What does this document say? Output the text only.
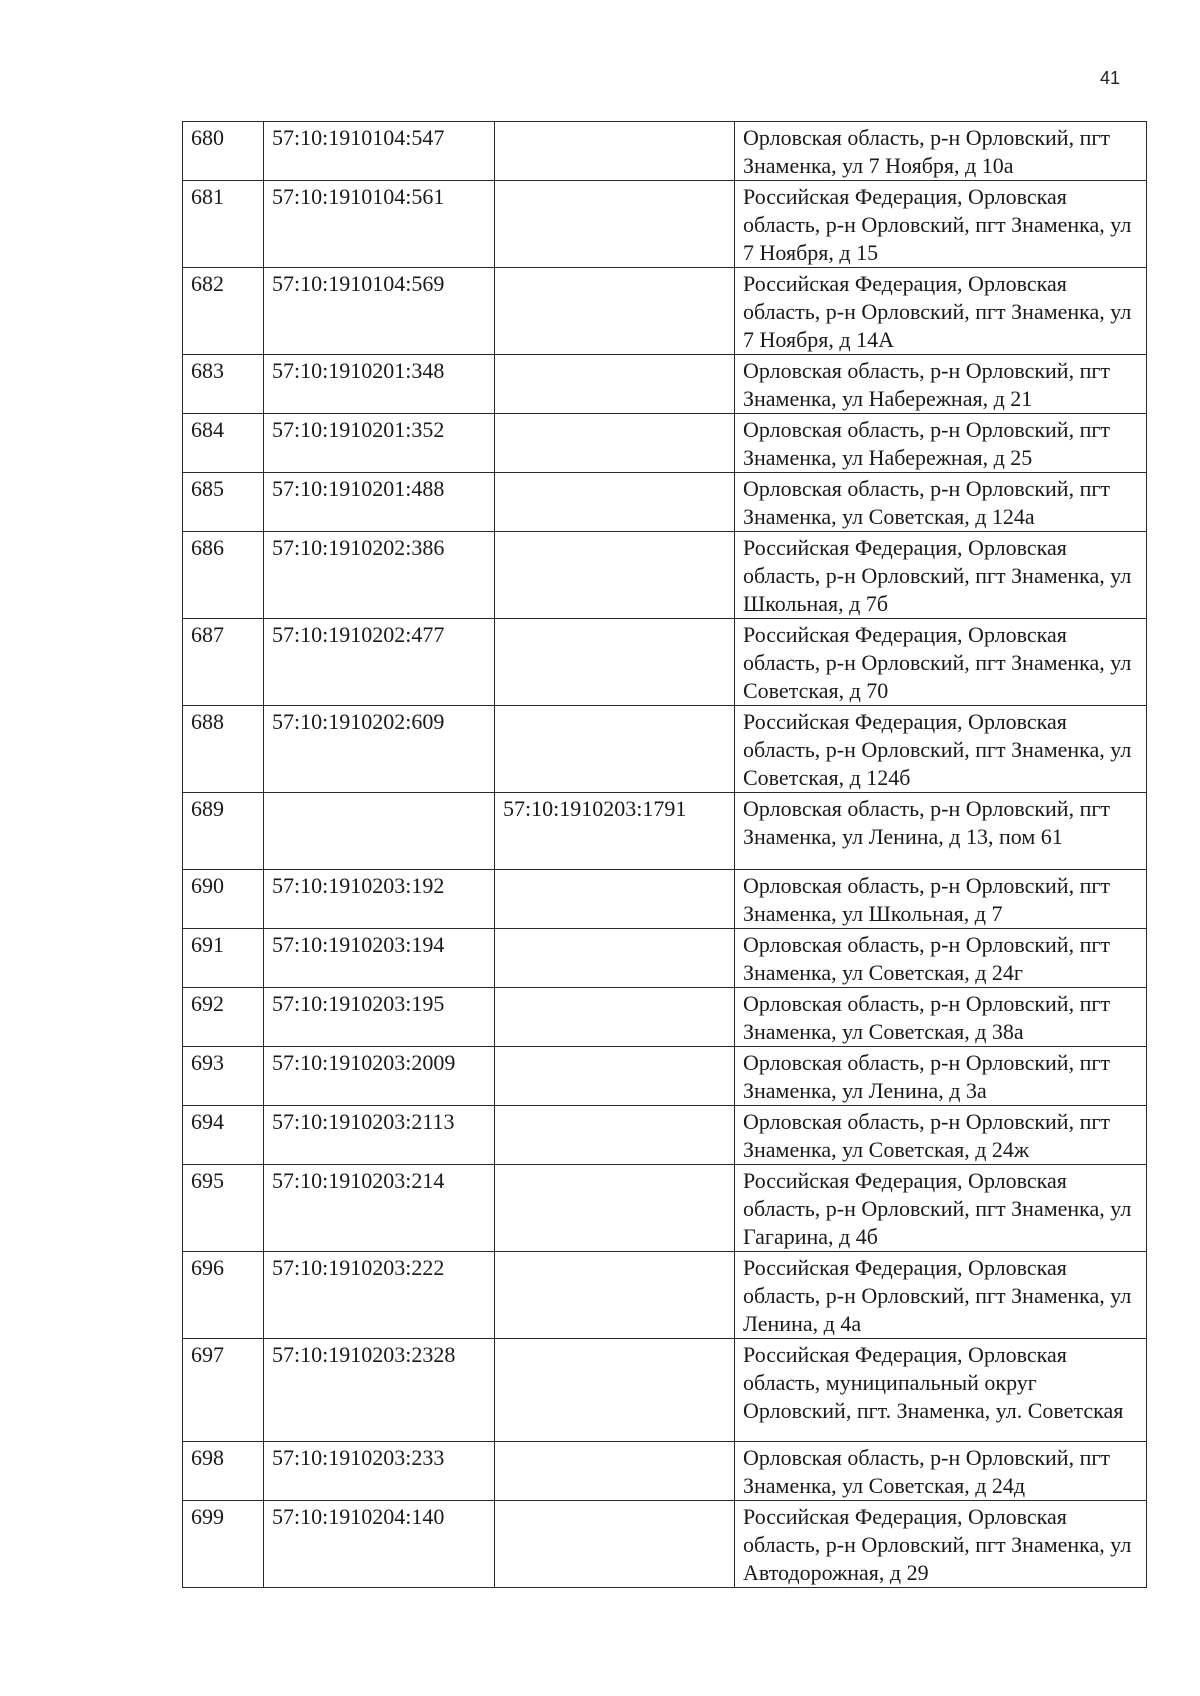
41
680	57:10:1910104:547		Орловская область, р-н Орловский, пгт Знаменка, ул 7 Ноября, д 10а
681	57:10:1910104:561		Российская Федерация, Орловская область, р-н Орловский, пгт Знаменка, ул 7 Ноября, д 15
682	57:10:1910104:569		Российская Федерация, Орловская область, р-н Орловский, пгт Знаменка, ул 7 Ноября, д 14А
683	57:10:1910201:348		Орловская область, р-н Орловский, пгт Знаменка, ул Набережная, д 21
684	57:10:1910201:352		Орловская область, р-н Орловский, пгт Знаменка, ул Набережная, д 25
685	57:10:1910201:488		Орловская область, р-н Орловский, пгт Знаменка, ул Советская, д 124а
686	57:10:1910202:386		Российская Федерация, Орловская область, р-н Орловский, пгт Знаменка, ул Школьная, д 7б
687	57:10:1910202:477		Российская Федерация, Орловская область, р-н Орловский, пгт Знаменка, ул Советская, д 70
688	57:10:1910202:609		Российская Федерация, Орловская область, р-н Орловский, пгт Знаменка, ул Советская, д 124б
689		57:10:1910203:1791	Орловская область, р-н Орловский, пгт Знаменка, ул Ленина, д 13, пом 61
690	57:10:1910203:192		Орловская область, р-н Орловский, пгт Знаменка, ул Школьная, д 7
691	57:10:1910203:194		Орловская область, р-н Орловский, пгт Знаменка, ул Советская, д 24г
692	57:10:1910203:195		Орловская область, р-н Орловский, пгт Знаменка, ул Советская, д 38а
693	57:10:1910203:2009		Орловская область, р-н Орловский, пгт Знаменка, ул Ленина, д 3а
694	57:10:1910203:2113		Орловская область, р-н Орловский, пгт Знаменка, ул Советская, д 24ж
695	57:10:1910203:214		Российская Федерация, Орловская область, р-н Орловский, пгт Знаменка, ул Гагарина, д 4б
696	57:10:1910203:222		Российская Федерация, Орловская область, р-н Орловский, пгт Знаменка, ул Ленина, д 4а
697	57:10:1910203:2328		Российская Федерация, Орловская область, муниципальный округ Орловский, пгт. Знаменка, ул. Советская
698	57:10:1910203:233		Орловская область, р-н Орловский, пгт Знаменка, ул Советская, д 24д
699	57:10:1910204:140		Российская Федерация, Орловская область, р-н Орловский, пгт Знаменка, ул Автодорожная, д 29
